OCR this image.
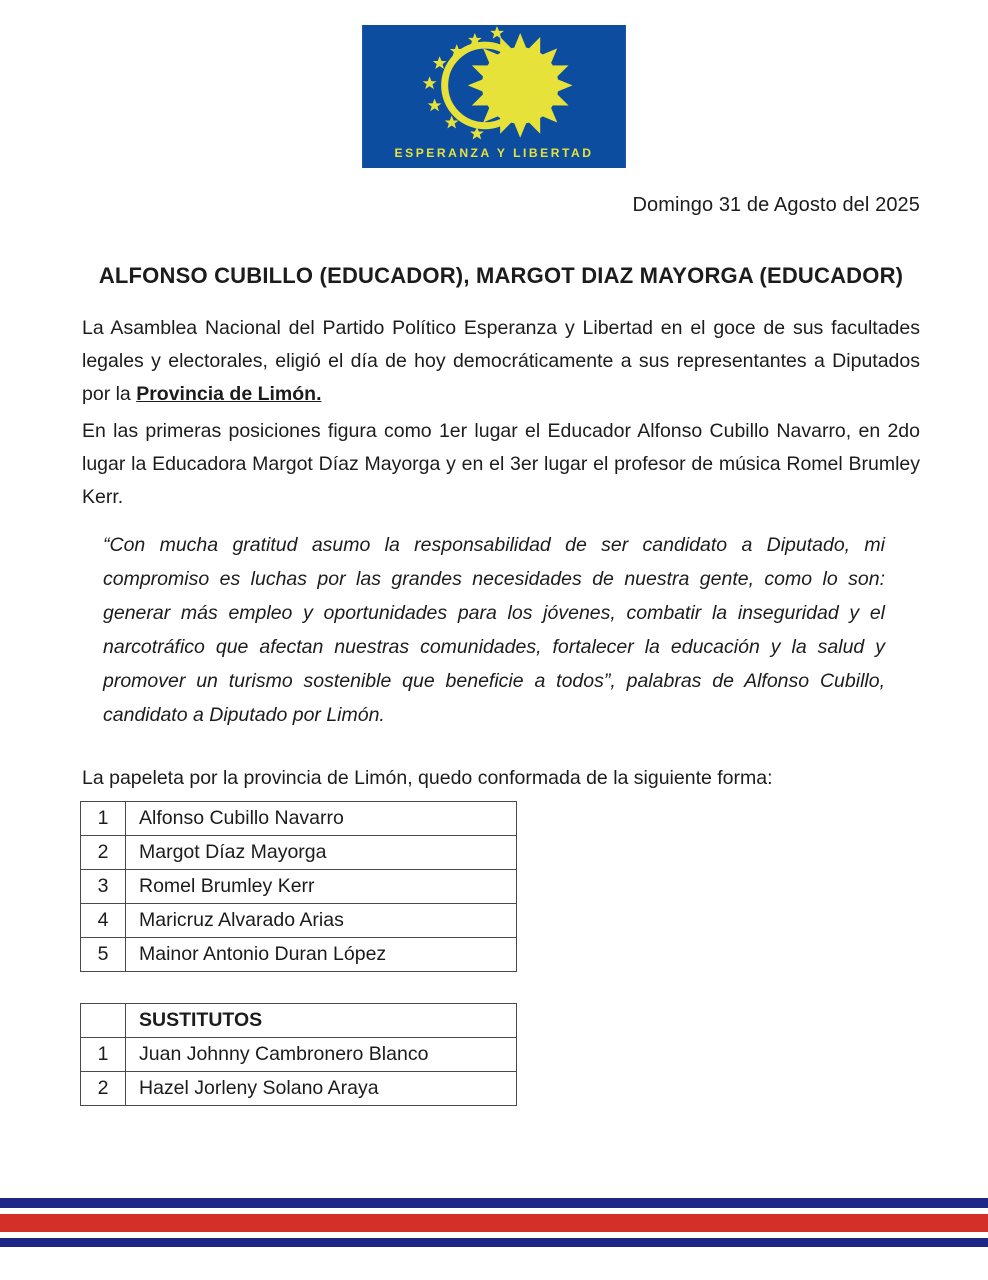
ESPERANZA Y LIBERTAD
Domingo 31 de Agosto del 2025
ALFONSO CUBILLO (EDUCADOR), MARGOT DIAZ MAYORGA (EDUCADOR)

La Asamblea Nacional del Partido Político Esperanza y Libertad en el goce de sus facultades legales y electorales, eligió el día de hoy democráticamente a sus representantes a Diputados por la Provincia de Limón.

En las primeras posiciones figura como 1er lugar el Educador Alfonso Cubillo Navarro, en 2do lugar la Educadora Margot Díaz Mayorga y en el 3er lugar el profesor de música Romel Brumley Kerr.

“Con mucha gratitud asumo la responsabilidad de ser candidato a Diputado, mi compromiso es luchas por las grandes necesidades de nuestra gente, como lo son: generar más empleo y oportunidades para los jóvenes, combatir la inseguridad y el narcotráfico que afectan nuestras comunidades, fortalecer la educación y la salud y promover un turismo sostenible que beneficie a todos”, palabras de Alfonso Cubillo, candidato a Diputado por Limón.

La papeleta por la provincia de Limón, quedo conformada de la siguiente forma:

1	Alfonso Cubillo Navarro
2	Margot Díaz Mayorga
3	Romel Brumley Kerr
4	Maricruz Alvarado Arias
5	Mainor Antonio Duran López
	SUSTITUTOS
1	Juan Johnny Cambronero Blanco
2	Hazel Jorleny Solano Araya
